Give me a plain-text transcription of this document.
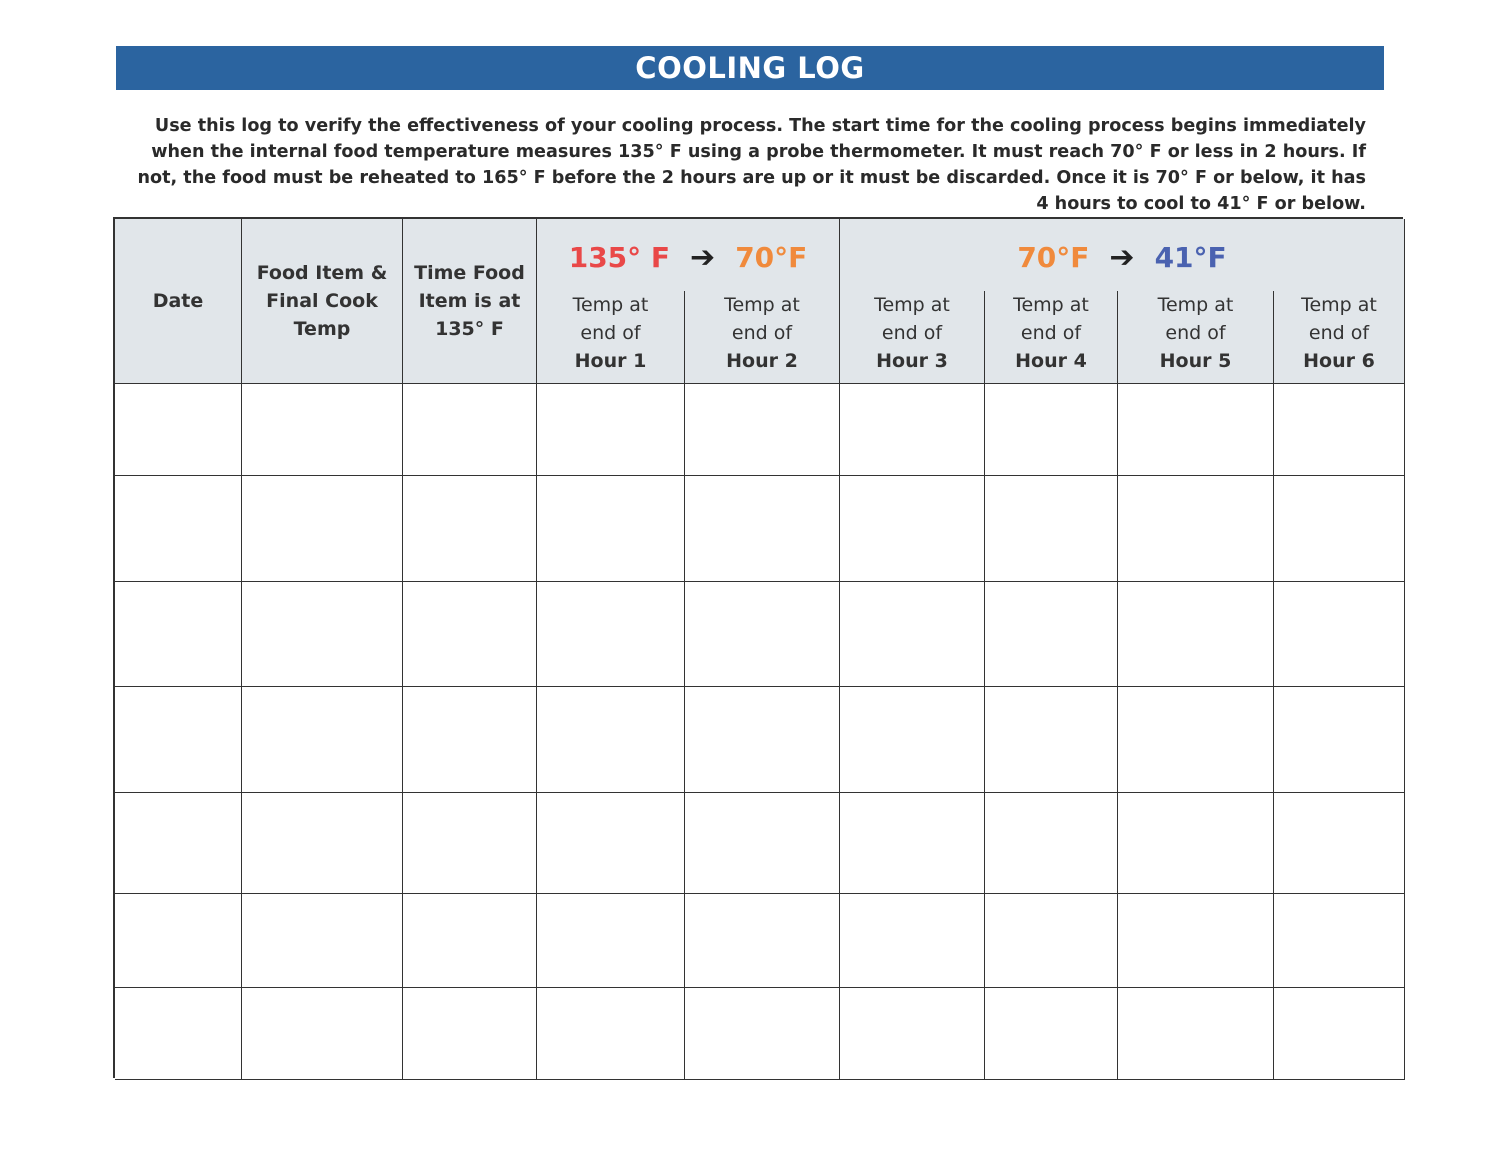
COOLING LOG

Use this log to verify the effectiveness of your cooling process. The start time for the cooling process begins immediately when the internal food temperature measures 135° F using a probe thermometer. It must reach 70° F or less in 2 hours. If not, the food must be reheated to 165° F before the 2 hours are up or it must be discarded. Once it is 70° F or below, it has 4 hours to cool to 41° F or below.

Date
Food Item &
Final Cook
Temp
Time Food
Item is at
135° F
135° F ➔ 70°F	70°F ➔ 41°F
Temp at
end of
Hour 1
Temp at
end of
Hour 2
Temp at
end of
Hour 3
Temp at
end of
Hour 4
Temp at
end of
Hour 5
Temp at
end of
Hour 6
